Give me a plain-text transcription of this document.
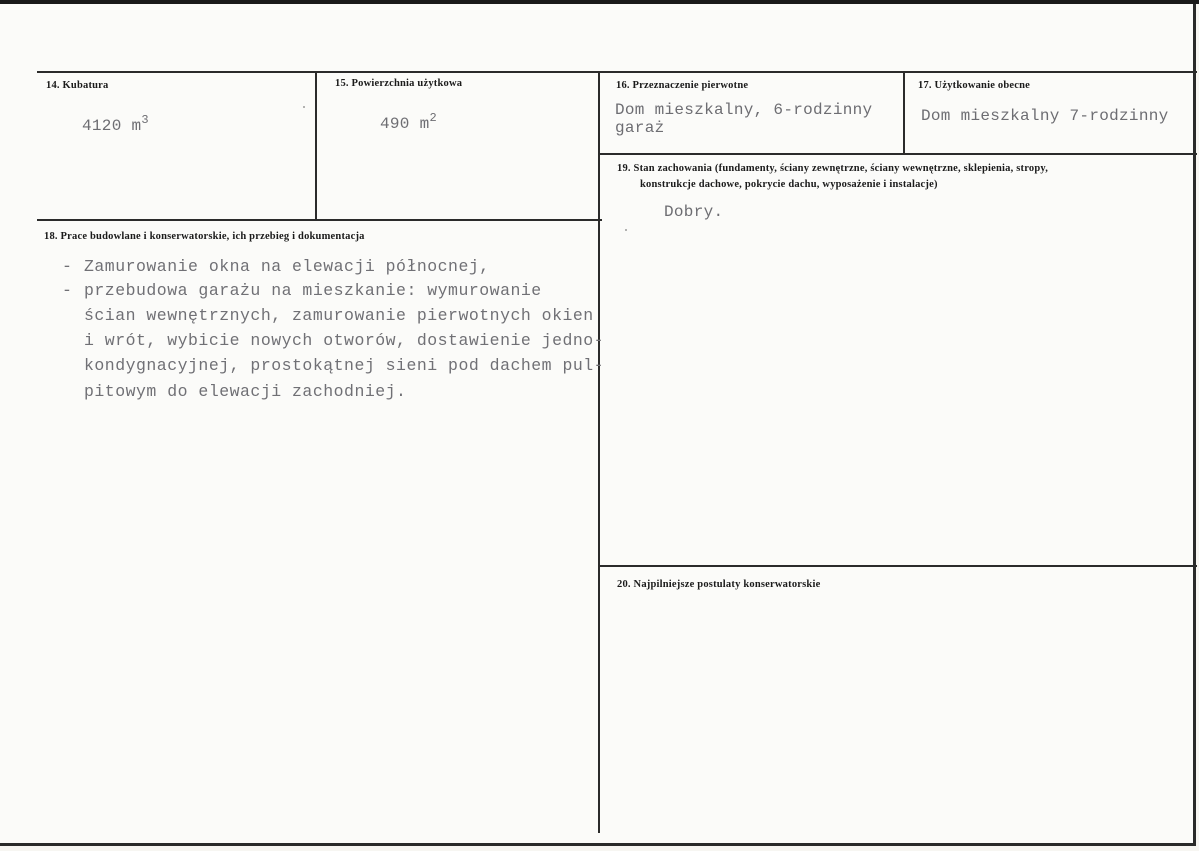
14. Kubatura
4120 $m^3$
15. Powierzchnia użytkowa
490 $m^2$
16. Przeznaczenie pierwotne
Dom mieszkalny, 6-rodzinny
garaż
17. Użytkowanie obecne
Dom mieszkalny 7-rodzinny
19. Stan zachowania (fundamenty, ściany zewnętrzne, ściany wewnętrzne, sklepienia, stropy,
konstrukcje dachowe, pokrycie dachu, wyposażenie i instalacje)
Dobry.
18. Prace budowlane i konserwatorskie, ich przebieg i dokumentacja
- Zamurowanie okna na elewacji północnej,
- przebudowa garażu na mieszkanie: wymurowanie
ścian wewnętrznych, zamurowanie pierwotnych okien
i wrót, wybicie nowych otworów, dostawienie jedno-
kondygnacyjnej, prostokątnej sieni pod dachem pul-
pitowym do elewacji zachodniej.
20. Najpilniejsze postulaty konserwatorskie
